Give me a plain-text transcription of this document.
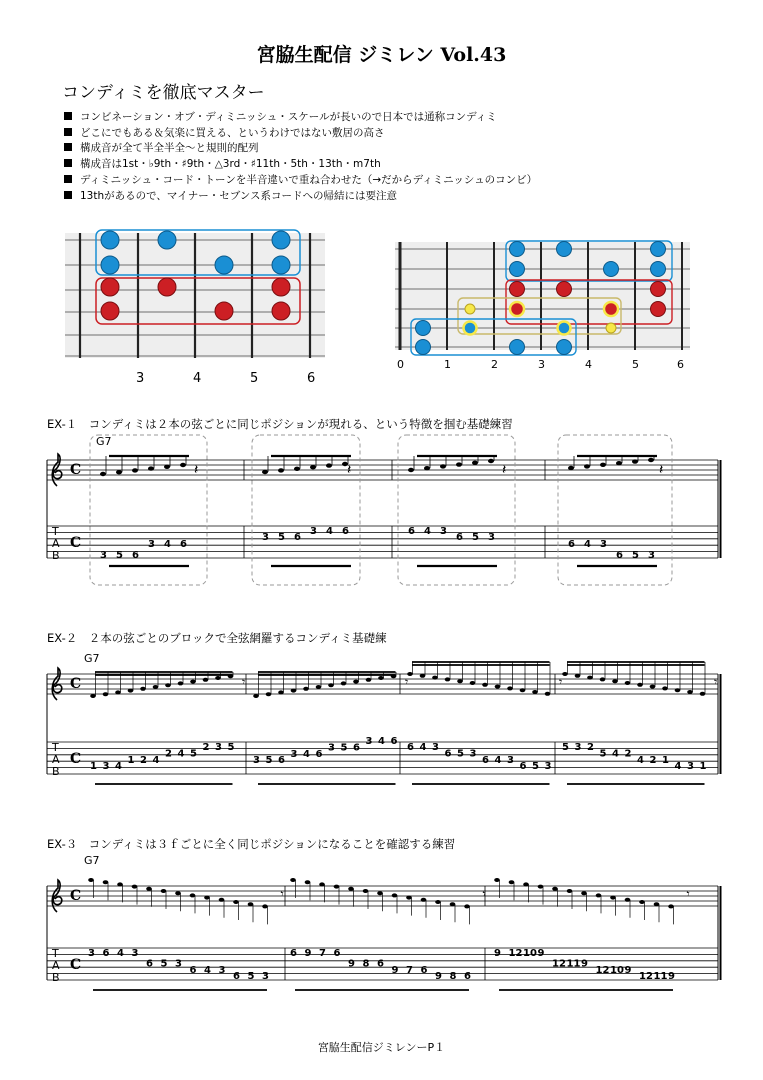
宮脇生配信 ジミレン Vol.43
コンディミを徹底マスター
コンビネーション・オブ・ディミニッシュ・スケールが長いので日本では通称コンディミ
どこにでもある＆気楽に買える、というわけではない敷居の高さ
構成音が全て半全半全〜と規則的配列
構成音は1st・♭9th・♯9th・△3rd・♯11th・5th・13th・m7th
ディミニッシュ・コード・トーンを半音違いで重ね合わせた（→だからディミニッシュのコンビ）
13thがあるので、マイナー・セブンス系コードへの帰結には要注意
3	4	5	6
0	1	2	3	4	5	6
EX-１　コンディミは２本の弦ごとに同じポジションが現れる、という特徴を掴む基礎練習
EX-２　２本の弦ごとのブロックで全弦網羅するコンディミ基礎練
EX-３　コンディミは３ｆごとに全く同じポジションになることを確認する練習
C
C
T
A
B
G7
3 5 6
3 4 6
𝄽
3 5 6
3 4 6
𝄽
6 4 3
6 5 3
𝄽
6 4 3
6 5 3
𝄽
C
C
T
A
B
G7
1 3 4
1 2 4
2 4 5
2 3 5
𝄾
3 5 6
3 4 6
3 5 6
3 4 6
𝄾
6 4 3
6 5 3
6 4 3
6 5 3
𝄾
5 3 2
5 4 2
4 2 1
4 3 1
𝄾
C
C
T
A
B
G7
3 6 4 3
6 5 3
6 4 3
6 5 3
𝄾
6 9 7 6
9 8 6
9 7 6
9 8 6
𝄾
9 12 10 9
12 11 9
12 10 9
12 11 9
𝄾
宮脇生配信ジミレンーP１
